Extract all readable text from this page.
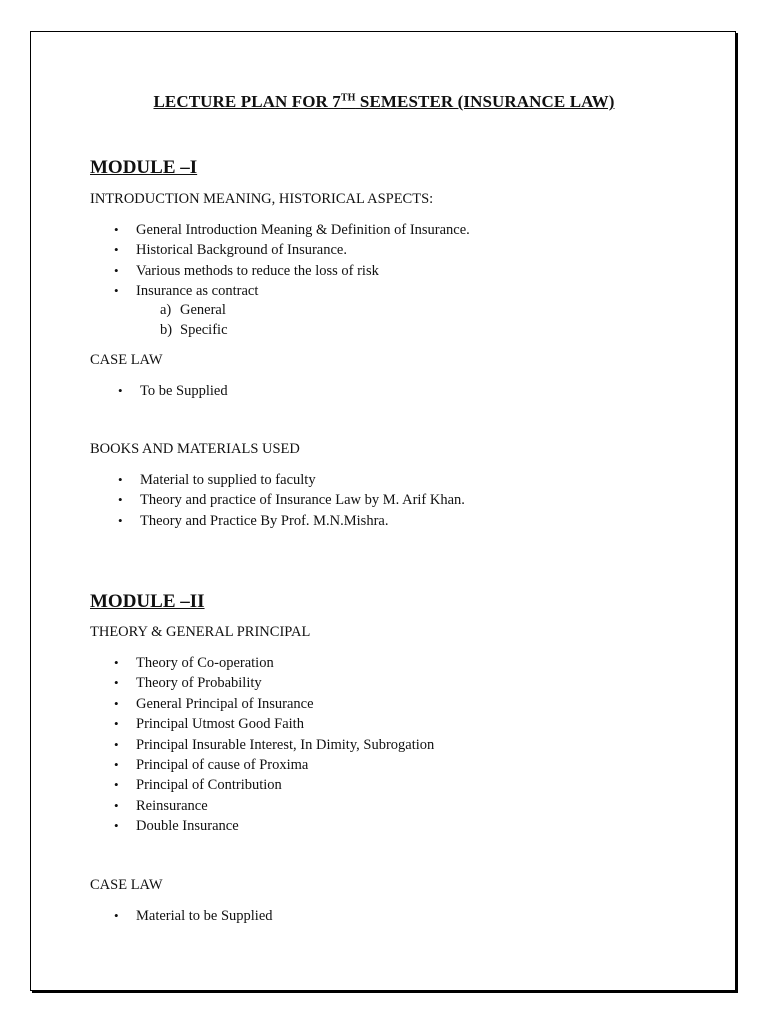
LECTURE PLAN FOR 7TH SEMESTER (INSURANCE LAW)
MODULE –I
INTRODUCTION MEANING, HISTORICAL ASPECTS:
• General Introduction Meaning & Definition of Insurance.
• Historical Background of Insurance.
• Various methods to reduce the loss of risk
• Insurance as contract
a) General
b) Specific
CASE LAW
• To be Supplied
BOOKS AND MATERIALS USED
• Material to supplied to faculty
• Theory and practice of Insurance Law by M. Arif Khan.
• Theory and Practice By Prof. M.N.Mishra.
MODULE –II
THEORY & GENERAL PRINCIPAL
• Theory of Co-operation
• Theory of Probability
• General Principal of Insurance
• Principal Utmost Good Faith
• Principal Insurable Interest, In Dimity, Subrogation
• Principal of cause of Proxima
• Principal of Contribution
• Reinsurance
• Double Insurance
CASE LAW
• Material to be Supplied
